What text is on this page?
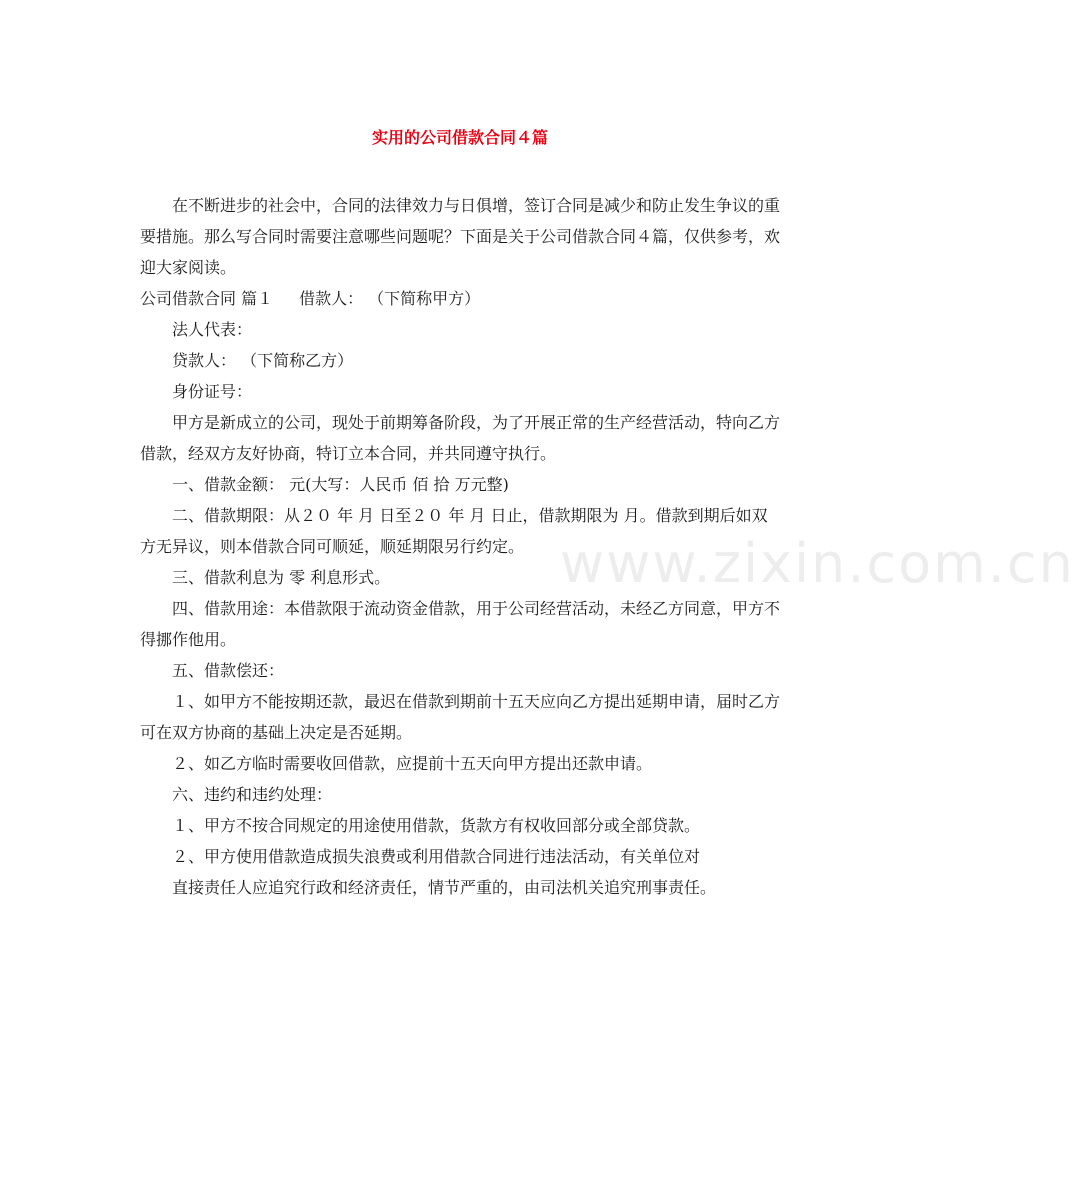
实用的公司借款合同４篇

在不断进步的社会中，合同的法律效力与日俱增，签订合同是减少和防止发生争议的重要措施。那么写合同时需要注意哪些问题呢？下面是关于公司借款合同４篇，仅供参考，欢迎大家阅读。

公司借款合同 篇１ 借款人： （下简称甲方）

法人代表：

贷款人： （下简称乙方）

身份证号：

甲方是新成立的公司，现处于前期筹备阶段，为了开展正常的生产经营活动，特向乙方借款，经双方友好协商，特订立本合同，并共同遵守执行。

一、借款金额： 元(大写：人民币 佰 拾 万元整)

二、借款期限：从２０ 年 月 日至２０ 年 月 日止，借款期限为 月。借款到期后如双方无异议，则本借款合同可顺延，顺延期限另行约定。

三、借款利息为 零 利息形式。

四、借款用途：本借款限于流动资金借款，用于公司经营活动，未经乙方同意，甲方不得挪作他用。

五、借款偿还：

１、如甲方不能按期还款，最迟在借款到期前十五天应向乙方提出延期申请，届时乙方可在双方协商的基础上决定是否延期。

２、如乙方临时需要收回借款，应提前十五天向甲方提出还款申请。

六、违约和违约处理：

１、甲方不按合同规定的用途使用借款，货款方有权收回部分或全部贷款。

２、甲方使用借款造成损失浪费或利用借款合同进行违法活动，有关单位对

直接责任人应追究行政和经济责任，情节严重的，由司法机关追究刑事责任。

www.zixin.com.cn
